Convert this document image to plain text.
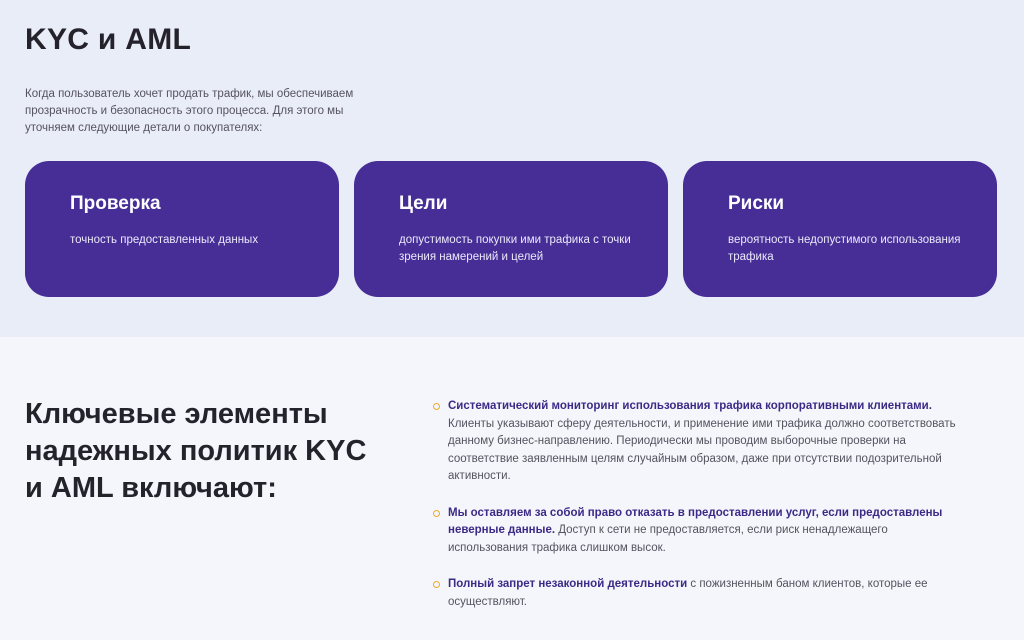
KYC и AML

Когда пользователь хочет продать трафик, мы обеспечиваем прозрачность и безопасность этого процесса. Для этого мы уточняем следующие детали о покупателях:

Проверка
точность предоставленных данных
Цели
допустимость покупки ими трафика с точки зрения намерений и целей
Риски
вероятность недопустимого использования трафика
Ключевые элементы надежных политик KYC и AML включают:
Систематический мониторинг использования трафика корпоративными клиентами. Клиенты указывают сферу деятельности, и применение ими трафика должно соответствовать данному бизнес-направлению. Периодически мы проводим выборочные проверки на соответствие заявленным целям случайным образом, даже при отсутствии подозрительной активности.
Мы оставляем за собой право отказать в предоставлении услуг, если предоставлены неверные данные. Доступ к сети не предоставляется, если риск ненадлежащего использования трафика слишком высок.
Полный запрет незаконной деятельности с пожизненным баном клиентов, которые ее осуществляют.
